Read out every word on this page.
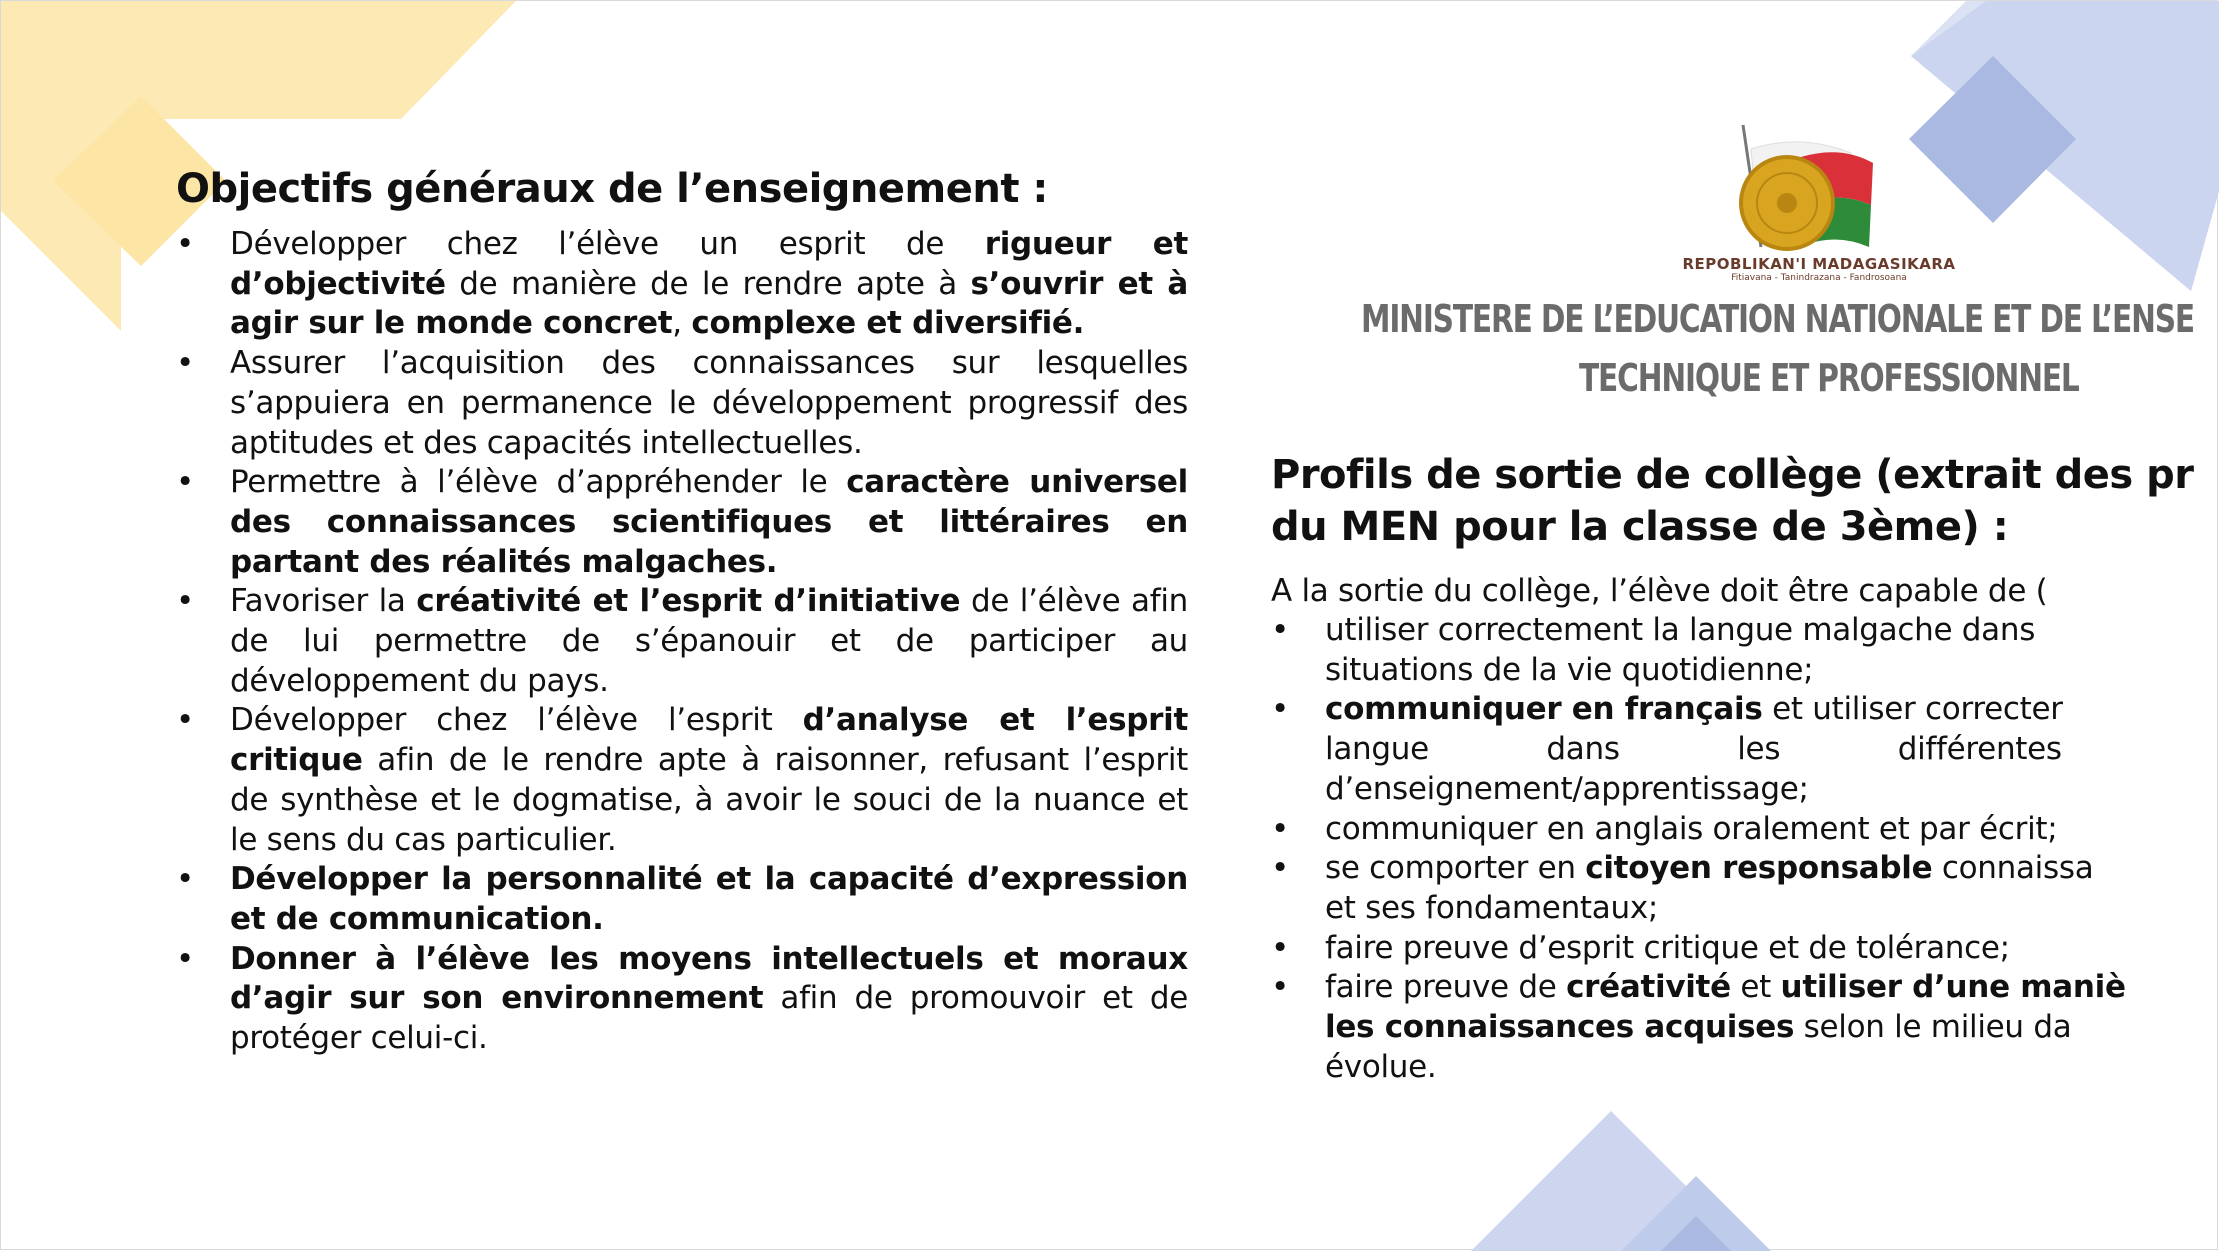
Objectifs généraux de l’enseignement :
• Développer chez l’élève un esprit de rigueur et d’objectivité de manière de le rendre apte à s’ouvrir et à agir sur le monde concret, complexe et diversifié.
• Assurer l’acquisition des connaissances sur lesquelles s’appuiera en permanence le développement progressif des aptitudes et des capacités intellectuelles.
• Permettre à l’élève d’appréhender le caractère universel des connaissances scientifiques et littéraires en partant des réalités malgaches.
• Favoriser la créativité et l’esprit d’initiative de l’élève afin de lui permettre de s’épanouir et de participer au développement du pays.
• Développer chez l’élève l’esprit d’analyse et l’esprit critique afin de le rendre apte à raisonner, refusant l’esprit de synthèse et le dogmatise, à avoir le souci de la nuance et le sens du cas particulier.
• Développer la personnalité et la capacité d’expression et de communication.
• Donner à l’élève les moyens intellectuels et moraux d’agir sur son environnement afin de promouvoir et de protéger celui-ci.
REPOBLIKAN'I MADAGASIKARA
Fitiavana - Tanindrazana - Fandrosoana
MINISTERE DE L’EDUCATION NATIONALE ET DE L’ENSE
TECHNIQUE ET PROFESSIONNEL
Profils de sortie de collège (extrait des pr
du MEN pour la classe de 3ème) :
A la sortie du collège, l’élève doit être capable de (
• utiliser correctement la langue malgache dans
situations de la vie quotidienne;
• communiquer en français et utiliser correcter
langue dans les différentes
d’enseignement/apprentissage;
• communiquer en anglais oralement et par écrit;
• se comporter en citoyen responsable connaissa
et ses fondamentaux;
• faire preuve d’esprit critique et de tolérance;
• faire preuve de créativité et utiliser d’une maniè
les connaissances acquises selon le milieu da
évolue.
